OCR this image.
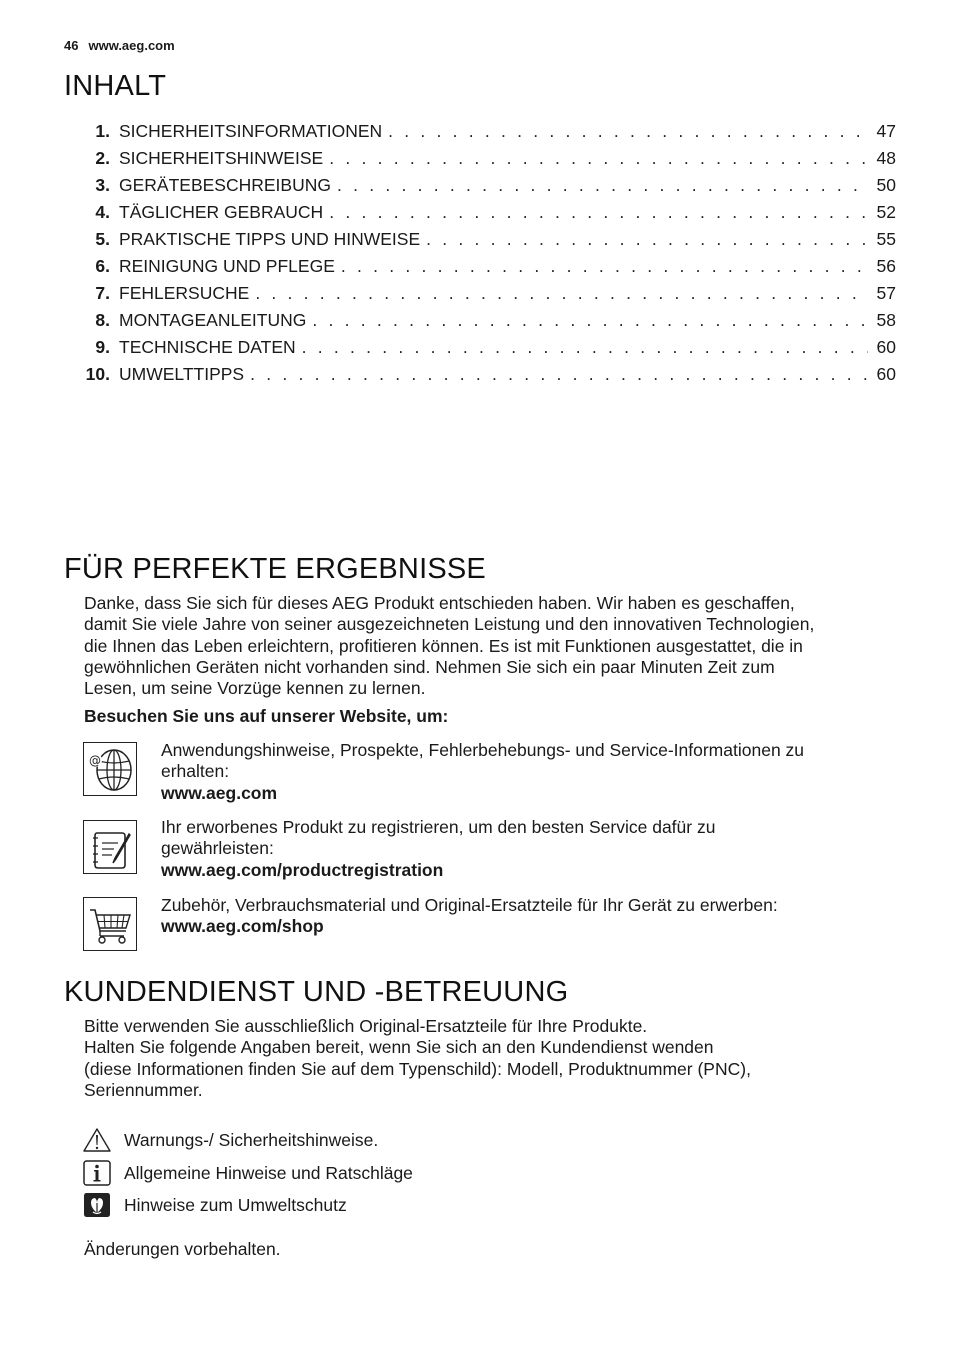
46 www.aeg.com
INHALT
1. SICHERHEITSINFORMATIONEN . . .	47
2. SICHERHEITSHINWEISE . . .	48
3. GERÄTEBESCHREIBUNG . . .	50
4. TÄGLICHER GEBRAUCH . . .	52
5. PRAKTISCHE TIPPS UND HINWEISE . . .	55
6. REINIGUNG UND PFLEGE . . .	56
7. FEHLERSUCHE . . .	57
8. MONTAGEANLEITUNG . . .	58
9. TECHNISCHE DATEN . . .	60
10. UMWELTTIPPS . . .	60
FÜR PERFEKTE ERGEBNISSE
Danke, dass Sie sich für dieses AEG Produkt entschieden haben. Wir haben es geschaffen,
damit Sie viele Jahre von seiner ausgezeichneten Leistung und den innovativen Technologien,
die Ihnen das Leben erleichtern, profitieren können. Es ist mit Funktionen ausgestattet, die in
gewöhnlichen Geräten nicht vorhanden sind. Nehmen Sie sich ein paar Minuten Zeit zum
Lesen, um seine Vorzüge kennen zu lernen.
Besuchen Sie uns auf unserer Website, um:
@
Anwendungshinweise, Prospekte, Fehlerbehebungs- und Service-Informationen zu
erhalten:
www.aeg.com
Ihr erworbenes Produkt zu registrieren, um den besten Service dafür zu
gewährleisten:
www.aeg.com/productregistration
Zubehör, Verbrauchsmaterial und Original-Ersatzteile für Ihr Gerät zu erwerben:
www.aeg.com/shop
KUNDENDIENST UND -BETREUUNG
Bitte verwenden Sie ausschließlich Original-Ersatzteile für Ihre Produkte.
Halten Sie folgende Angaben bereit, wenn Sie sich an den Kundendienst wenden
(diese Informationen finden Sie auf dem Typenschild): Modell, Produktnummer (PNC),
Seriennummer.
Warnungs-/ Sicherheitshinweise.
Allgemeine Hinweise und Ratschläge
Hinweise zum Umweltschutz
Änderungen vorbehalten.
